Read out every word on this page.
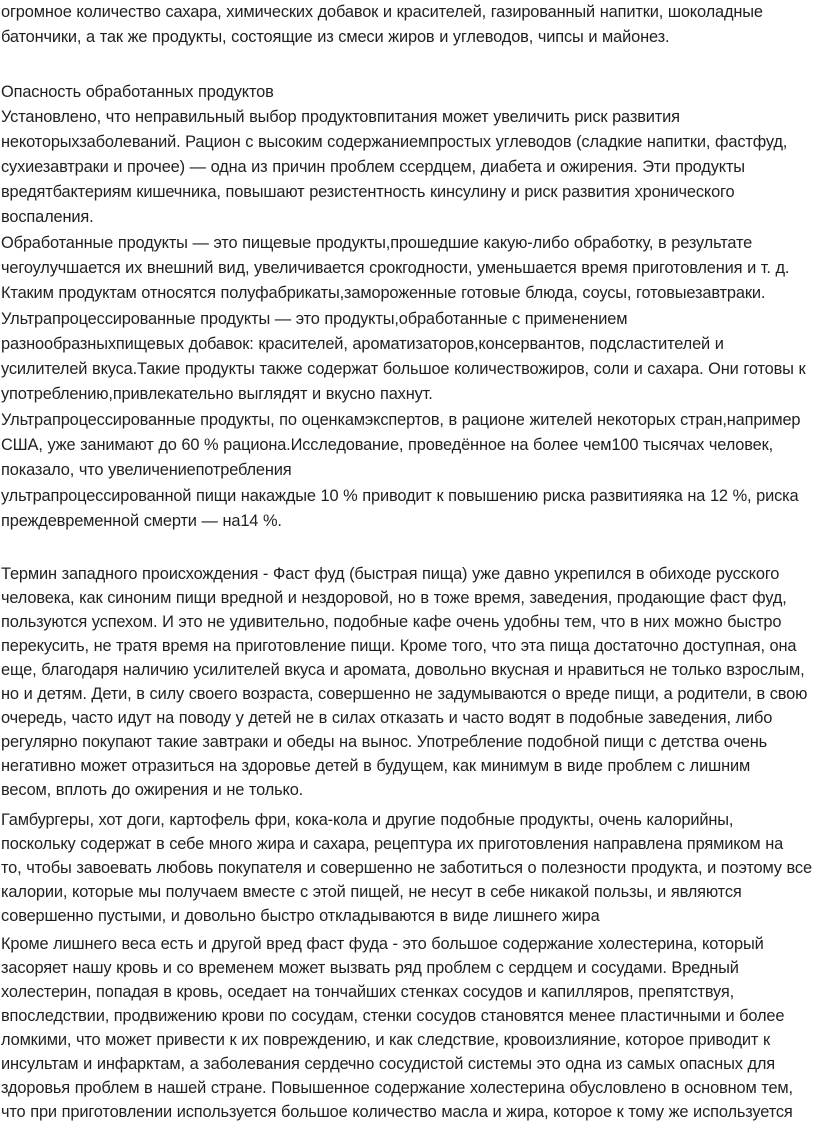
огромное количество сахара, химических добавок и красителей, газированный напитки, шоколадные
батончики, а так же продукты, состоящие из смеси жиров и углеводов, чипсы и майонез.
Опасность обработанных продуктов
Установлено, что неправильный выбор продуктовпитания может увеличить риск развития
некоторыхзаболеваний. Рацион с высоким содержаниемпростых углеводов (сладкие напитки, фастфуд,
сухиезавтраки и прочее) — одна из причин проблем ссердцем, диабета и ожирения. Эти продукты
вредятбактериям кишечника, повышают резистентность кинсулину и риск развития хронического
воспаления.
Обработанные продукты — это пищевые продукты,прошедшие какую-либо обработку, в результате
чегоулучшается их внешний вид, увеличивается срокгодности, уменьшается время приготовления и т. д.
Ктаким продуктам относятся полуфабрикаты,замороженные готовые блюда, соусы, готовыезавтраки.
Ультрапроцессированные продукты — это продукты,обработанные с применением
разнообразныхпищевых добавок: красителей, ароматизаторов,консервантов, подсластителей и
усилителей вкуса.Такие продукты также содержат большое количествожиров, соли и сахара. Они готовы к
употреблению,привлекательно выглядят и вкусно пахнут.
Ультрапроцессированные продукты, по оценкамэкспертов, в рационе жителей некоторых стран,например
США, уже занимают до 60 % рациона.Исследование, проведённое на более чем100 тысячах человек,
показало, что увеличениепотребления
ультрапроцессированной пищи накаждые 10 % приводит к повышению риска развитияяка на 12 %, риска
преждевременной смерти — на14 %.
Термин западного происхождения - Фаст фуд (быстрая пища) уже давно укрепился в обиходе русского
человека, как синоним пищи вредной и нездоровой, но в тоже время, заведения, продающие фаст фуд,
пользуются успехом. И это не удивительно, подобные кафе очень удобны тем, что в них можно быстро
перекусить, не тратя время на приготовление пищи. Кроме того, что эта пища достаточно доступная, она
еще, благодаря наличию усилителей вкуса и аромата, довольно вкусная и нравиться не только взрослым,
но и детям. Дети, в силу своего возраста, совершенно не задумываются о вреде пищи, а родители, в свою
очередь, часто идут на поводу у детей не в силах отказать и часто водят в подобные заведения, либо
регулярно покупают такие завтраки и обеды на вынос. Употребление подобной пищи с детства очень
негативно может отразиться на здоровье детей в будущем, как минимум в виде проблем с лишним
весом, вплоть до ожирения и не только.
Гамбургеры, хот доги, картофель фри, кока-кола и другие подобные продукты, очень калорийны,
поскольку содержат в себе много жира и сахара, рецептура их приготовления направлена прямиком на
то, чтобы завоевать любовь покупателя и совершенно не заботиться о полезности продукта, и поэтому все
калории, которые мы получаем вместе с этой пищей, не несут в себе никакой пользы, и являются
совершенно пустыми, и довольно быстро откладываются в виде лишнего жира
Кроме лишнего веса есть и другой вред фаст фуда - это большое содержание холестерина, который
засоряет нашу кровь и со временем может вызвать ряд проблем с сердцем и сосудами. Вредный
холестерин, попадая в кровь, оседает на тончайших стенках сосудов и капилляров, препятствуя,
впоследствии, продвижению крови по сосудам, стенки сосудов становятся менее пластичными и более
ломкими, что может привести к их повреждению, и как следствие, кровоизлияние, которое приводит к
инсультам и инфарктам, а заболевания сердечно сосудистой системы это одна из самых опасных для
здоровья проблем в нашей стране. Повышенное содержание холестерина обусловлено в основном тем,
что при приготовлении используется большое количество масла и жира, которое к тому же используется
